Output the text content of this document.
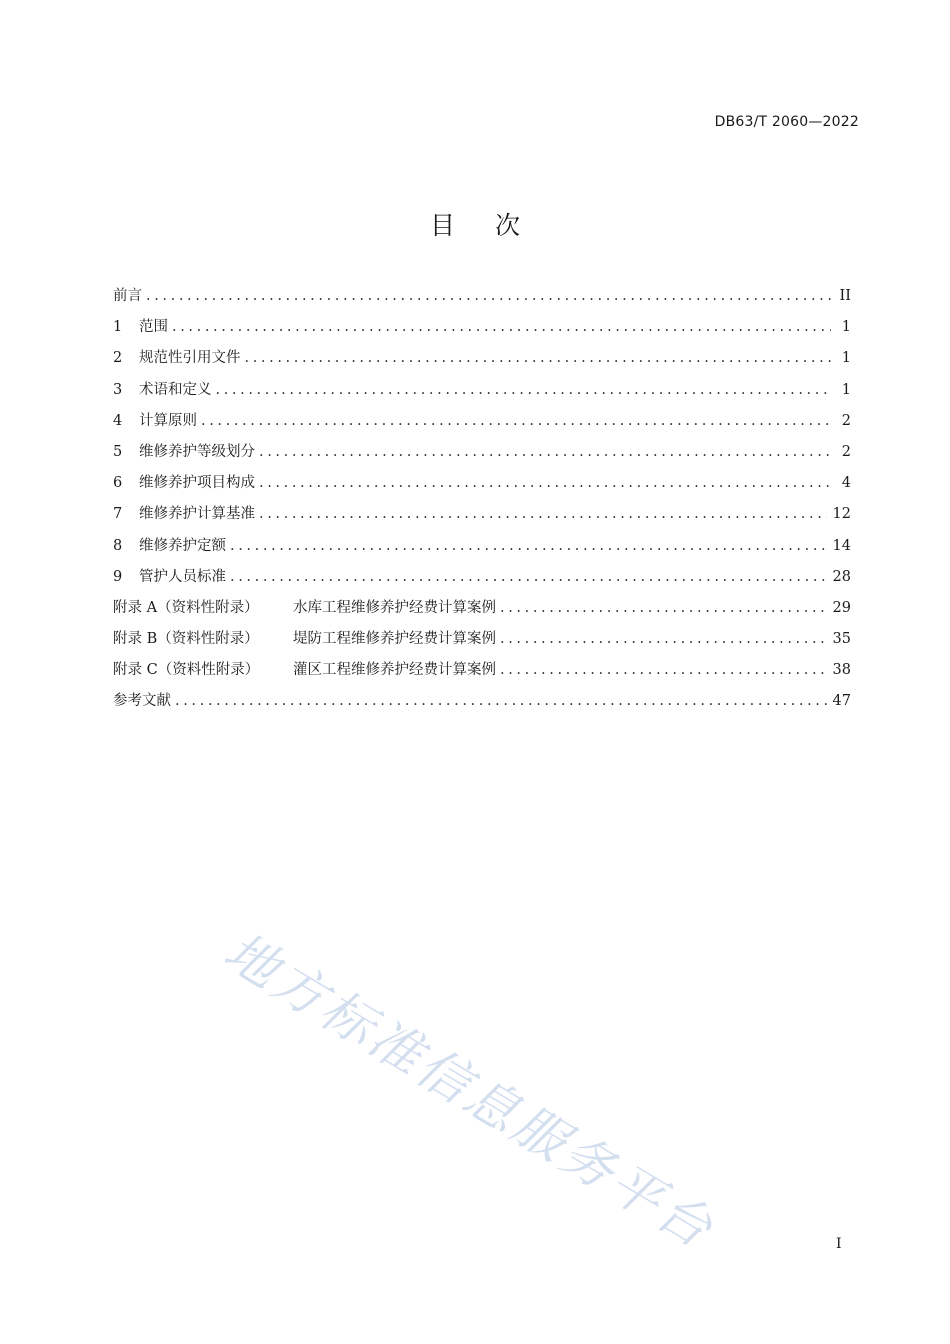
DB63/T 2060—2022
目次
前言 .....	II
1	范围 .....	1
2	规范性引用文件 .....	1
3	术语和定义 .....	1
4	计算原则 .....	2
5	维修养护等级划分 .....	2
6	维修养护项目构成 .....	4
7	维修养护计算基准 .....	12
8	维修养护定额 .....	14
9	管护人员标准 .....	28
附录 A（资料性附录）	水库工程维修养护经费计算案例 .....	29
附录 B（资料性附录）	堤防工程维修养护经费计算案例 .....	35
附录 C（资料性附录）	灌区工程维修养护经费计算案例 .....	38
参考文献 .....	47
地方标准信息服务平台	I
